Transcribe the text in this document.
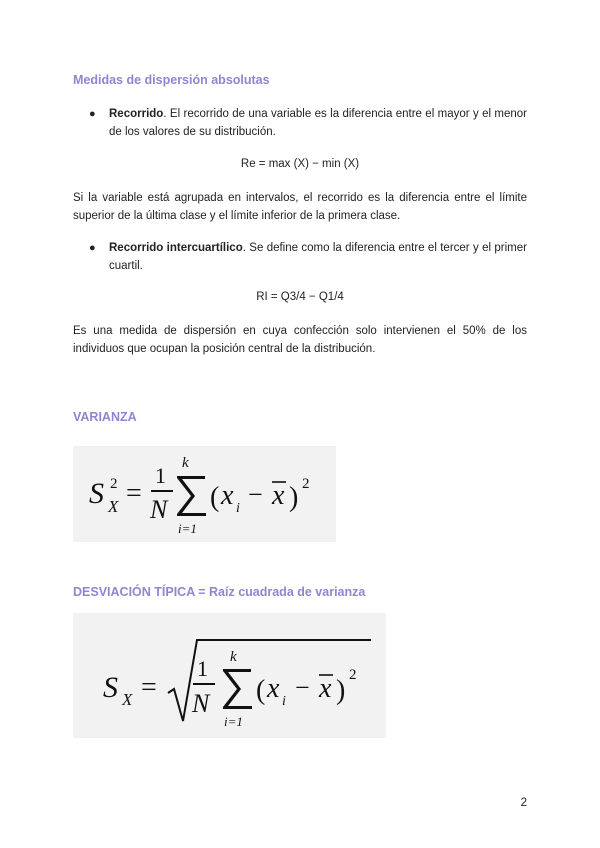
Medidas de dispersión absolutas
●	Recorrido. El recorrido de una variable es la diferencia entre el mayor y el menor de los valores de su distribución.
Re = max (X) − min (X)
Si la variable está agrupada en intervalos, el recorrido es la diferencia entre el límite superior de la última clase y el límite inferior de la primera clase.
●	Recorrido intercuartílico. Se define como la diferencia entre el tercer y el primer cuartil.
RI = Q3/4 − Q1/4
Es una medida de dispersión en cuya confección solo intervienen el 50% de los individuos que ocupan la posición central de la distribución.
VARIANZA
S 2
X =
1
N
k
i=1
( x i − x ) 2
DESVIACIÓN TÍPICA = Raíz cuadrada de varianza
S X =
1
N
k
i=1
( x i − x ) 2
2
